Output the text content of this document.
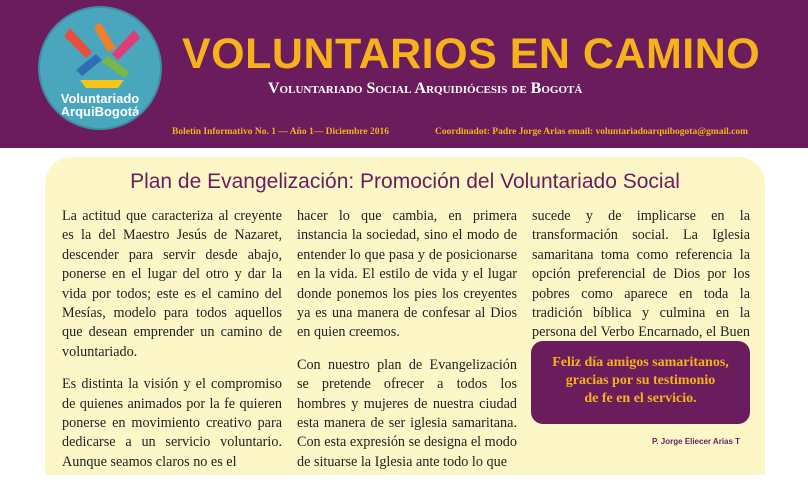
Voluntariado
ArquiBogotá
VOLUNTARIOS EN CAMINO
Voluntariado Social Arquidiócesis de Bogotá
Boletín Informativo No. 1 — Año 1— Diciembre 2016	Coordinadot: Padre Jorge Arias email: voluntariadoarquibogota@gmail.com
Plan de Evangelización: Promoción del Voluntariado Social

La actitud que caracteriza al creyente es la del Maestro Jesús de Nazaret, descender para servir desde abajo, ponerse en el lugar del otro y dar la vida por todos; este es el camino del Mesías, modelo para todos aquellos que desean emprender un camino de voluntariado.

Es distinta la visión y el compromiso de quienes animados por la fe quieren ponerse en movimiento creativo para dedicarse a un servicio voluntario. Aunque seamos claros no es el

hacer lo que cambia, en primera instancia la sociedad, sino el modo de entender lo que pasa y de posicionarse en la vida. El estilo de vida y el lugar donde ponemos los pies los creyentes ya es una manera de confesar al Dios en quien creemos.

Con nuestro plan de Evangelización se pretende ofrecer a todos los hombres y mujeres de nuestra ciudad esta manera de ser iglesia samaritana. Con esta expresión se designa el modo de situarse la Iglesia ante todo lo que

sucede y de implicarse en la transformación social. La Iglesia samaritana toma como referencia la opción preferencial de Dios por los pobres como aparece en toda la tradición bíblica y culmina en la persona del Verbo Encarnado, el Buen

Feliz día amigos samaritanos,
gracias por su testimonio
de fe en el servicio.
P. Jorge Eliecer Arias T
